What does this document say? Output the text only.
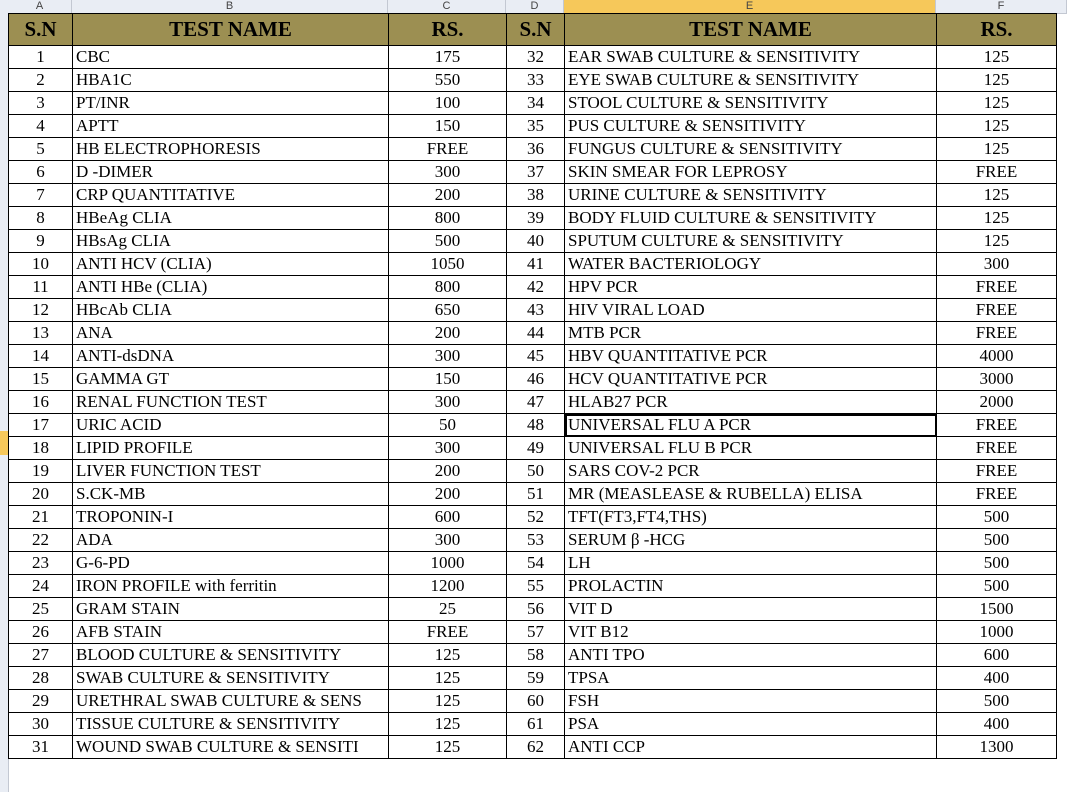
A	B	C	D	E	F
S.N	TEST NAME	RS.	S.N	TEST NAME	RS.
1	CBC	175	32	EAR SWAB CULTURE & SENSITIVITY	125
2	HBA1C	550	33	EYE SWAB CULTURE & SENSITIVITY	125
3	PT/INR	100	34	STOOL CULTURE & SENSITIVITY	125
4	APTT	150	35	PUS CULTURE & SENSITIVITY	125
5	HB ELECTROPHORESIS	FREE	36	FUNGUS CULTURE & SENSITIVITY	125
6	D -DIMER	300	37	SKIN SMEAR FOR LEPROSY	FREE
7	CRP QUANTITATIVE	200	38	URINE CULTURE & SENSITIVITY	125
8	HBeAg CLIA	800	39	BODY FLUID CULTURE & SENSITIVITY	125
9	HBsAg CLIA	500	40	SPUTUM CULTURE & SENSITIVITY	125
10	ANTI HCV (CLIA)	1050	41	WATER BACTERIOLOGY	300
11	ANTI HBe (CLIA)	800	42	HPV PCR	FREE
12	HBcAb CLIA	650	43	HIV VIRAL LOAD	FREE
13	ANA	200	44	MTB PCR	FREE
14	ANTI-dsDNA	300	45	HBV QUANTITATIVE PCR	4000
15	GAMMA GT	150	46	HCV QUANTITATIVE PCR	3000
16	RENAL FUNCTION TEST	300	47	HLAB27 PCR	2000
17	URIC ACID	50	48	UNIVERSAL FLU A PCR	FREE
18	LIPID PROFILE	300	49	UNIVERSAL FLU B PCR	FREE
19	LIVER FUNCTION TEST	200	50	SARS COV-2 PCR	FREE
20	S.CK-MB	200	51	MR (MEASLEASE & RUBELLA) ELISA	FREE
21	TROPONIN-I	600	52	TFT(FT3,FT4,THS)	500
22	ADA	300	53	SERUM β -HCG	500
23	G-6-PD	1000	54	LH	500
24	IRON PROFILE with ferritin	1200	55	PROLACTIN	500
25	GRAM STAIN	25	56	VIT D	1500
26	AFB STAIN	FREE	57	VIT B12	1000
27	BLOOD CULTURE & SENSITIVITY	125	58	ANTI TPO	600
28	SWAB CULTURE & SENSITIVITY	125	59	TPSA	400
29	URETHRAL SWAB CULTURE & SENS	125	60	FSH	500
30	TISSUE CULTURE & SENSITIVITY	125	61	PSA	400
31	WOUND SWAB CULTURE & SENSITI	125	62	ANTI CCP	1300
